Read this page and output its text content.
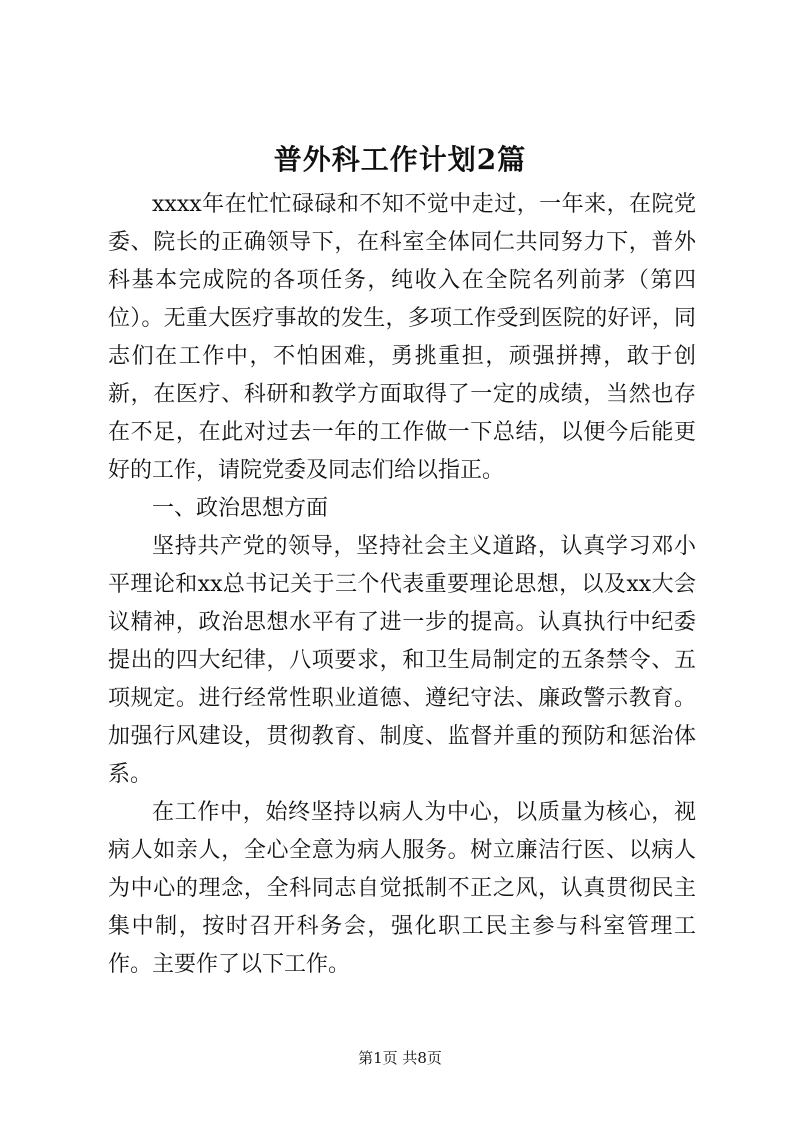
普外科工作计划2篇

xxxx年在忙忙碌碌和不知不觉中走过，一年来，在院党委、院长的正确领导下，在科室全体同仁共同努力下，普外科基本完成院的各项任务，纯收入在全院名列前茅（第四位）。无重大医疗事故的发生，多项工作受到医院的好评，同志们在工作中，不怕困难，勇挑重担，顽强拼搏，敢于创新，在医疗、科研和教学方面取得了一定的成绩，当然也存在不足，在此对过去一年的工作做一下总结，以便今后能更好的工作，请院党委及同志们给以指正。

一、政治思想方面

坚持共产党的领导，坚持社会主义道路，认真学习邓小平理论和xx总书记关于三个代表重要理论思想，以及xx大会议精神，政治思想水平有了进一步的提高。认真执行中纪委提出的四大纪律，八项要求，和卫生局制定的五条禁令、五项规定。进行经常性职业道德、遵纪守法、廉政警示教育。加强行风建设，贯彻教育、制度、监督并重的预防和惩治体系。

在工作中，始终坚持以病人为中心，以质量为核心，视病人如亲人，全心全意为病人服务。树立廉洁行医、以病人为中心的理念，全科同志自觉抵制不正之风，认真贯彻民主集中制，按时召开科务会，强化职工民主参与科室管理工作。主要作了以下工作。

第1页 共8页
